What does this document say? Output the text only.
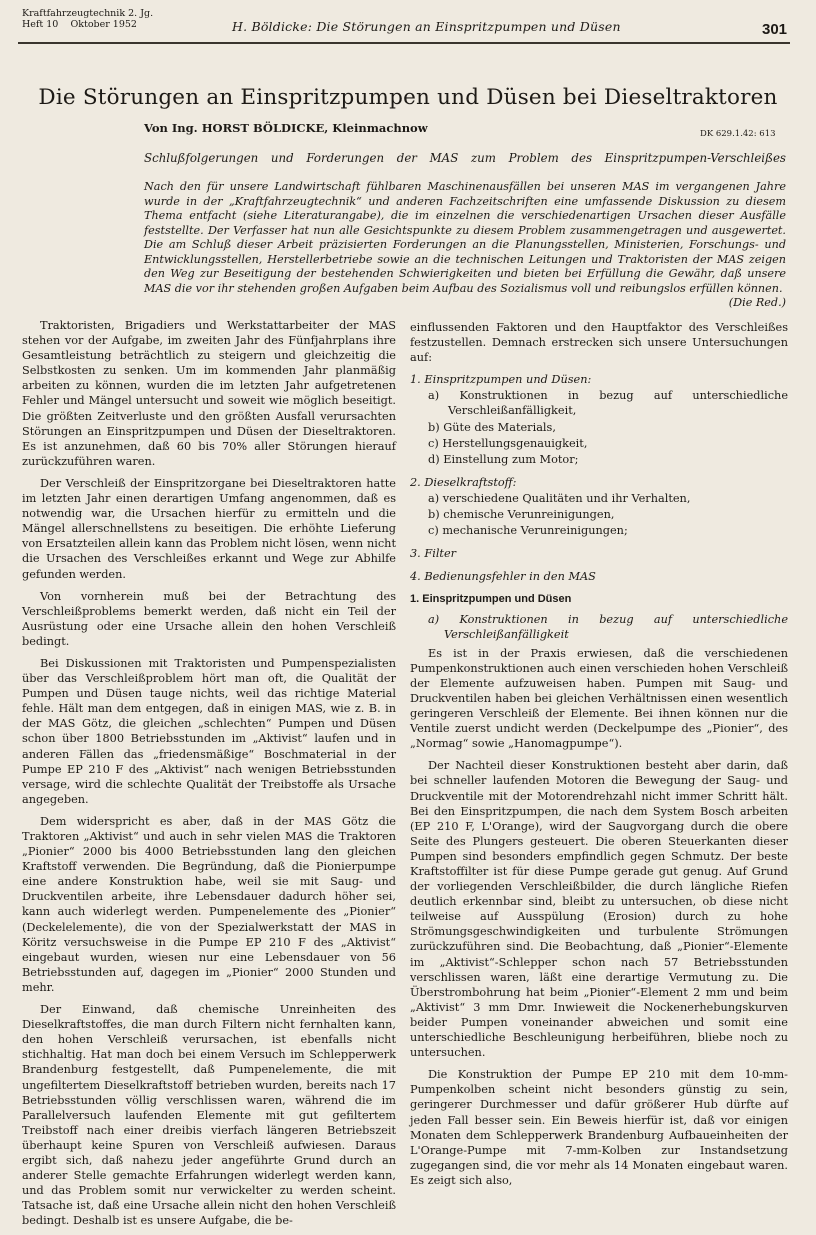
Kraftfahrzeugtechnik 2. Jg.
Heft 10 Oktober 1952	H. Böldicke: Die Störungen an Einspritzpumpen und Düsen	301
Die Störungen an Einspritzpumpen und Düsen bei Dieseltraktoren
Von Ing. HORST BÖLDICKE, Kleinmachnow	DK 629.1.42: 613
Schlußfolgerungen und Forderungen der MAS zum Problem des Einspritzpumpen-Verschleißes
Nach den für unsere Landwirtschaft fühlbaren Maschinenausfällen bei unseren MAS im vergangenen Jahre wurde in der „Kraftfahrzeugtechnik“ und anderen Fachzeitschriften eine umfassende Diskussion zu diesem Thema entfacht (siehe Literaturangabe), die im einzelnen die verschiedenartigen Ursachen dieser Ausfälle feststellte. Der Verfasser hat nun alle Gesichtspunkte zu diesem Problem zusammengetragen und ausgewertet. Die am Schluß dieser Arbeit präzisierten Forderungen an die Planungsstellen, Ministerien, Forschungs- und Entwicklungsstellen, Herstellerbetriebe sowie an die technischen Leitungen und Traktoristen der MAS zeigen den Weg zur Beseitigung der bestehenden Schwierigkeiten und bieten bei Erfüllung die Gewähr, daß unsere MAS die vor ihr stehenden großen Aufgaben beim Aufbau des Sozialismus voll und reibungslos erfüllen können.
(Die Red.)

Traktoristen, Brigadiers und Werkstattarbeiter der MAS stehen vor der Aufgabe, im zweiten Jahr des Fünfjahrplans ihre Gesamtleistung beträchtlich zu steigern und gleichzeitig die Selbstkosten zu senken. Um im kommenden Jahr planmäßig arbeiten zu können, wurden die im letzten Jahr aufgetretenen Fehler und Mängel untersucht und soweit wie möglich beseitigt. Die größten Zeitverluste und den größten Ausfall verursachten Störungen an Einspritzpumpen und Düsen der Dieseltraktoren. Es ist anzunehmen, daß 60 bis 70% aller Störungen hierauf zurückzuführen waren.

Der Verschleiß der Einspritzorgane bei Dieseltraktoren hatte im letzten Jahr einen derartigen Umfang angenommen, daß es notwendig war, die Ursachen hierfür zu ermitteln und die Mängel allerschnellstens zu beseitigen. Die erhöhte Lieferung von Ersatzteilen allein kann das Problem nicht lösen, wenn nicht die Ursachen des Verschleißes erkannt und Wege zur Abhilfe gefunden werden.

Von vornherein muß bei der Betrachtung des Verschleißproblems bemerkt werden, daß nicht ein Teil der Ausrüstung oder eine Ursache allein den hohen Verschleiß bedingt.

Bei Diskussionen mit Traktoristen und Pumpenspezialisten über das Verschleißproblem hört man oft, die Qualität der Pumpen und Düsen tauge nichts, weil das richtige Material fehle. Hält man dem entgegen, daß in einigen MAS, wie z. B. in der MAS Götz, die gleichen „schlechten“ Pumpen und Düsen schon über 1800 Betriebsstunden im „Aktivist“ laufen und in anderen Fällen das „friedensmäßige“ Boschmaterial in der Pumpe EP 210 F des „Aktivist“ nach wenigen Betriebsstunden versage, wird die schlechte Qualität der Treibstoffe als Ursache angegeben.

Dem widerspricht es aber, daß in der MAS Götz die Traktoren „Aktivist“ und auch in sehr vielen MAS die Traktoren „Pionier“ 2000 bis 4000 Betriebsstunden lang den gleichen Kraftstoff verwenden. Die Begründung, daß die Pionierpumpe eine andere Konstruktion habe, weil sie mit Saug- und Druckventilen arbeite, ihre Lebensdauer dadurch höher sei, kann auch widerlegt werden. Pumpenelemente des „Pionier“ (Deckelelemente), die von der Spezialwerkstatt der MAS in Köritz versuchsweise in die Pumpe EP 210 F des „Aktivist“ eingebaut wurden, wiesen nur eine Lebensdauer von 56 Betriebsstunden auf, dagegen im „Pionier“ 2000 Stunden und mehr.

Der Einwand, daß chemische Unreinheiten des Dieselkraftstoffes, die man durch Filtern nicht fernhalten kann, den hohen Verschleiß verursachen, ist ebenfalls nicht stichhaltig. Hat man doch bei einem Versuch im Schlepperwerk Brandenburg festgestellt, daß Pumpenelemente, die mit ungefiltertem Dieselkraftstoff betrieben wurden, bereits nach 17 Betriebsstunden völlig verschlissen waren, während die im Parallelversuch laufenden Elemente mit gut gefiltertem Treibstoff nach einer dreibis vierfach längeren Betriebszeit überhaupt keine Spuren von Verschleiß aufwiesen. Daraus ergibt sich, daß nahezu jeder angeführte Grund durch an anderer Stelle gemachte Erfahrungen widerlegt werden kann, und das Problem somit nur verwickelter zu werden scheint. Tatsache ist, daß eine Ursache allein nicht den hohen Verschleiß bedingt. Deshalb ist es unsere Aufgabe, die be-

einflussenden Faktoren und den Hauptfaktor des Verschleißes festzustellen. Demnach erstrecken sich unsere Untersuchungen auf:

1. Einspritzpumpen und Düsen:
a) Konstruktionen in bezug auf unterschiedliche Verschleißanfälligkeit,
b) Güte des Materials,
c) Herstellungsgenauigkeit,
d) Einstellung zum Motor;
2. Dieselkraftstoff:
a) verschiedene Qualitäten und ihr Verhalten,
b) chemische Verunreinigungen,
c) mechanische Verunreinigungen;
3. Filter
4. Bedienungsfehler in den MAS
1. Einspritzpumpen und Düsen
a) Konstruktionen in bezug auf unterschiedliche Verschleißanfälligkeit

Es ist in der Praxis erwiesen, daß die verschiedenen Pumpenkonstruktionen auch einen verschieden hohen Verschleiß der Elemente aufzuweisen haben. Pumpen mit Saug- und Druckventilen haben bei gleichen Verhältnissen einen wesentlich geringeren Verschleiß der Elemente. Bei ihnen können nur die Ventile zuerst undicht werden (Deckelpumpe des „Pionier“, des „Normag“ sowie „Hanomagpumpe“).

Der Nachteil dieser Konstruktionen besteht aber darin, daß bei schneller laufenden Motoren die Bewegung der Saug- und Druckventile mit der Motorendrehzahl nicht immer Schritt hält. Bei den Einspritzpumpen, die nach dem System Bosch arbeiten (EP 210 F, L'Orange), wird der Saugvorgang durch die obere Seite des Plungers gesteuert. Die oberen Steuerkanten dieser Pumpen sind besonders empfindlich gegen Schmutz. Der beste Kraftstoffilter ist für diese Pumpe gerade gut genug. Auf Grund der vorliegenden Verschleißbilder, die durch längliche Riefen deutlich erkennbar sind, bleibt zu untersuchen, ob diese nicht teilweise auf Ausspülung (Erosion) durch zu hohe Strömungsgeschwindigkeiten und turbulente Strömungen zurückzuführen sind. Die Beobachtung, daß „Pionier“-Elemente im „Aktivist“-Schlepper schon nach 57 Betriebsstunden verschlissen waren, läßt eine derartige Vermutung zu. Die Überstrombohrung hat beim „Pionier“-Element 2 mm und beim „Aktivist“ 3 mm Dmr. Inwieweit die Nockenerhebungskurven beider Pumpen voneinander abweichen und somit eine unterschiedliche Beschleunigung herbeiführen, bliebe noch zu untersuchen.

Die Konstruktion der Pumpe EP 210 mit dem 10-mm-Pumpenkolben scheint nicht besonders günstig zu sein, geringerer Durchmesser und dafür größerer Hub dürfte auf jeden Fall besser sein. Ein Beweis hierfür ist, daß vor einigen Monaten dem Schlepperwerk Brandenburg Aufbaueinheiten der L'Orange-Pumpe mit 7-mm-Kolben zur Instandsetzung zugegangen sind, die vor mehr als 14 Monaten eingebaut waren. Es zeigt sich also,
